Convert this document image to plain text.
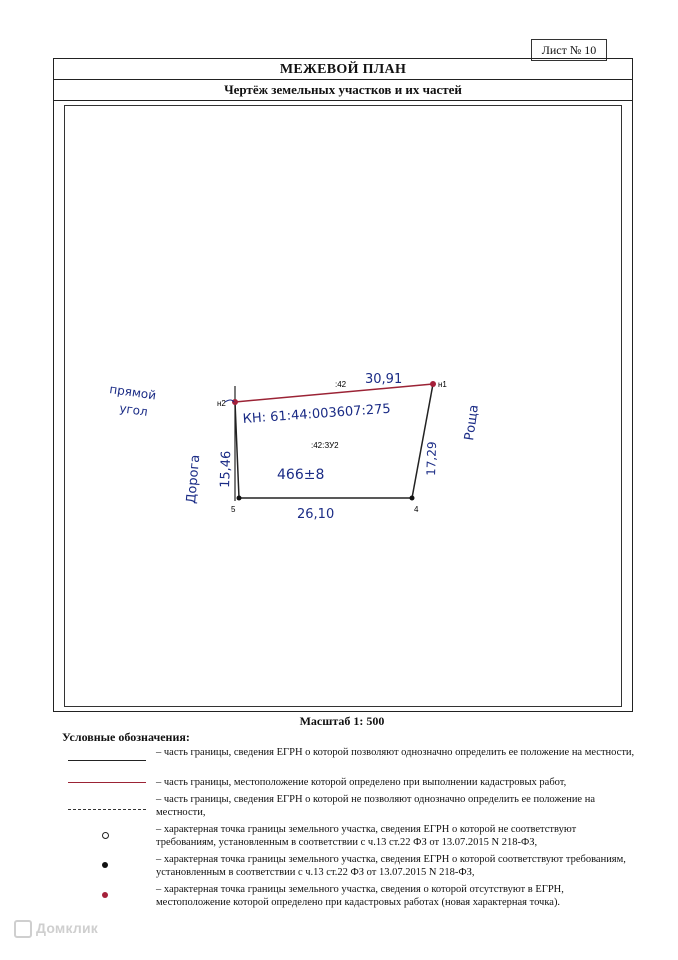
Лист № 10
МЕЖЕВОЙ ПЛАН
Чертёж земельных участков и их частей
н2
н1
4
5
:42:ЗУ2
:42 30,91
КН: 61:44:003607:275
466±8
26,10
15,46	17,29
Дорога
Роща
прямой
угол
Масштаб 1: 500
Условные обозначения:
– часть границы, сведения ЕГРН о которой позволяют однозначно определить ее положение на местности,
– часть границы, местоположение которой определено при выполнении кадастровых работ,
– часть границы, сведения ЕГРН о которой не позволяют однозначно определить ее положение на местности,
– характерная точка границы земельного участка, сведения ЕГРН о которой не соответствуют требованиям, установленным в соответствии с ч.13 ст.22 ФЗ от 13.07.2015 N 218-ФЗ,
– характерная точка границы земельного участка, сведения ЕГРН о которой соответствуют требованиям, установленным в соответствии с ч.13 ст.22 ФЗ от 13.07.2015 N 218-ФЗ,
– характерная точка границы земельного участка, сведения о которой отсутствуют в ЕГРН, местоположение которой определено при кадастровых работах (новая характерная точка).
Домклик
